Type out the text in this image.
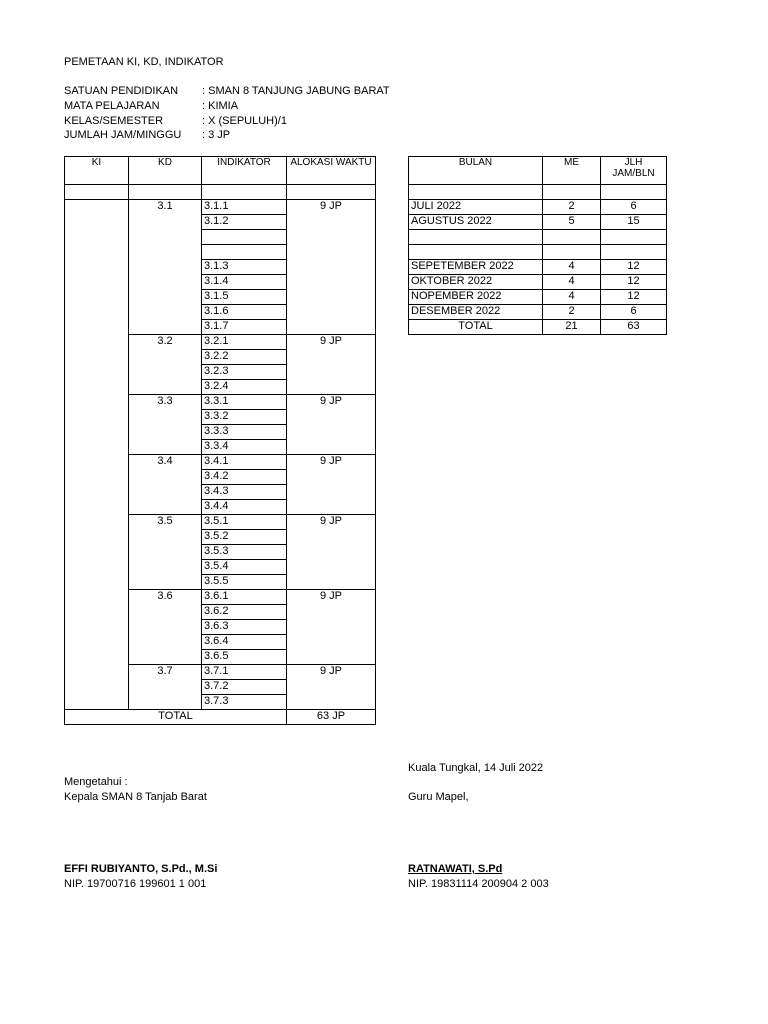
PEMETAAN KI, KD, INDIKATOR
SATUAN PENDIDIKAN : SMAN 8 TANJUNG JABUNG BARAT
MATA PELAJARAN	: KIMIA
KELAS/SEMESTER	: X (SEPULUH)/1
JUMLAH JAM/MINGGU : 3 JP
KI	KD	INDIKATOR	ALOKASI WAKTU

	3.1	3.1.1	9 JP
		3.1.2	

		3.1.3	
		3.1.4	
		3.1.5	
		3.1.6	
		3.1.7	
	3.2	3.2.1	9 JP
		3.2.2	
		3.2.3	
		3.2.4	
	3.3	3.3.1	9 JP
		3.3.2	
		3.3.3	
		3.3.4	
	3.4	3.4.1	9 JP
		3.4.2	
		3.4.3	
		3.4.4	
	3.5	3.5.1	9 JP
		3.5.2	
		3.5.3	
		3.5.4	
		3.5.5	
	3.6	3.6.1	9 JP
		3.6.2	
		3.6.3	
		3.6.4	
		3.6.5	
	3.7	3.7.1	9 JP
		3.7.2	
		3.7.3	
TOTAL			63 JP
BULAN	ME	JLH JAM/BLN

JULI 2022	2	6
AGUSTUS 2022	5	15

SEPETEMBER 2022	4	12
OKTOBER 2022	4	12
NOPEMBER 2022	4	12
DESEMBER 2022	2	6
TOTAL	21	63
Kuala Tungkal, 14 Juli 2022
Mengetahui :
Kepala SMAN 8 Tanjab Barat	Guru Mapel,
EFFI RUBIYANTO, S.Pd., M.Si	RATNAWATI, S.Pd
NIP. 19700716 199601 1 001	NIP. 19831114 200904 2 003
